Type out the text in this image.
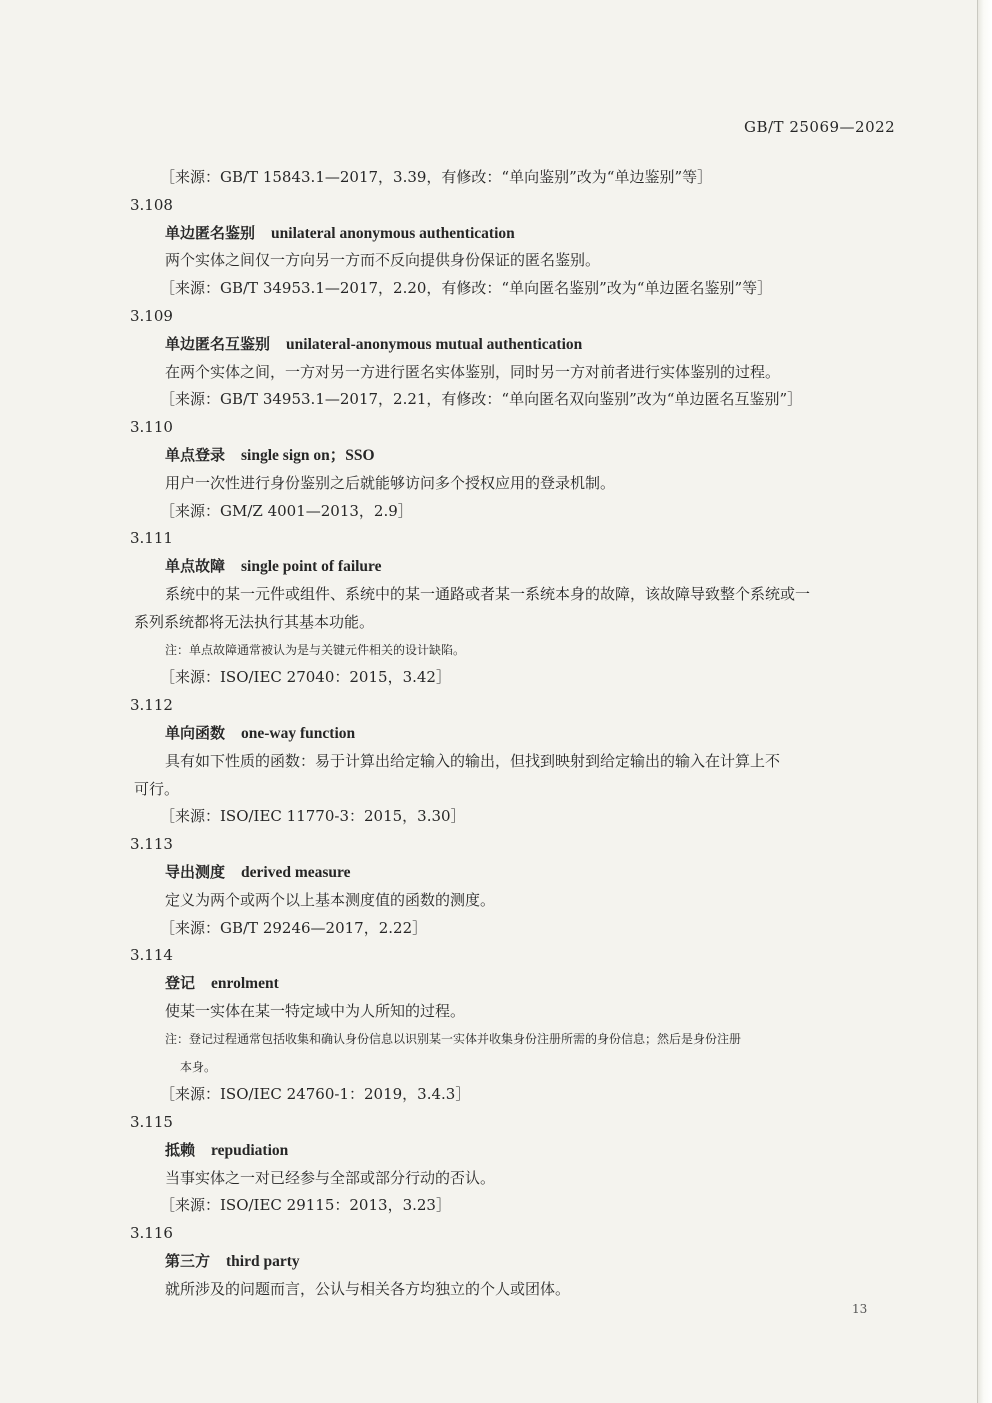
GB/T 25069—2022
［来源：GB/T 15843.1—2017，3.39，有修改：“单向鉴别”改为“单边鉴别”等］
3.108
单边匿名鉴别 unilateral anonymous authentication
两个实体之间仅一方向另一方而不反向提供身份保证的匿名鉴别。
［来源：GB/T 34953.1—2017，2.20，有修改：“单向匿名鉴别”改为“单边匿名鉴别”等］
3.109
单边匿名互鉴别 unilateral-anonymous mutual authentication
在两个实体之间，一方对另一方进行匿名实体鉴别，同时另一方对前者进行实体鉴别的过程。
［来源：GB/T 34953.1—2017，2.21，有修改：“单向匿名双向鉴别”改为“单边匿名互鉴别”］
3.110
单点登录 single sign on；SSO
用户一次性进行身份鉴别之后就能够访问多个授权应用的登录机制。
［来源：GM/Z 4001—2013，2.9］
3.111
单点故障 single point of failure
系统中的某一元件或组件、系统中的某一通路或者某一系统本身的故障，该故障导致整个系统或一
系列系统都将无法执行其基本功能。
注：单点故障通常被认为是与关键元件相关的设计缺陷。
［来源：ISO/IEC 27040：2015，3.42］
3.112
单向函数 one-way function
具有如下性质的函数：易于计算出给定输入的输出，但找到映射到给定输出的输入在计算上不
可行。
［来源：ISO/IEC 11770-3：2015，3.30］
3.113
导出测度 derived measure
定义为两个或两个以上基本测度值的函数的测度。
［来源：GB/T 29246—2017，2.22］
3.114
登记 enrolment
使某一实体在某一特定域中为人所知的过程。
注：登记过程通常包括收集和确认身份信息以识别某一实体并收集身份注册所需的身份信息；然后是身份注册
本身。
［来源：ISO/IEC 24760-1：2019，3.4.3］
3.115
抵赖 repudiation
当事实体之一对已经参与全部或部分行动的否认。
［来源：ISO/IEC 29115：2013，3.23］
3.116
第三方 third party
就所涉及的问题而言，公认与相关各方均独立的个人或团体。
13
